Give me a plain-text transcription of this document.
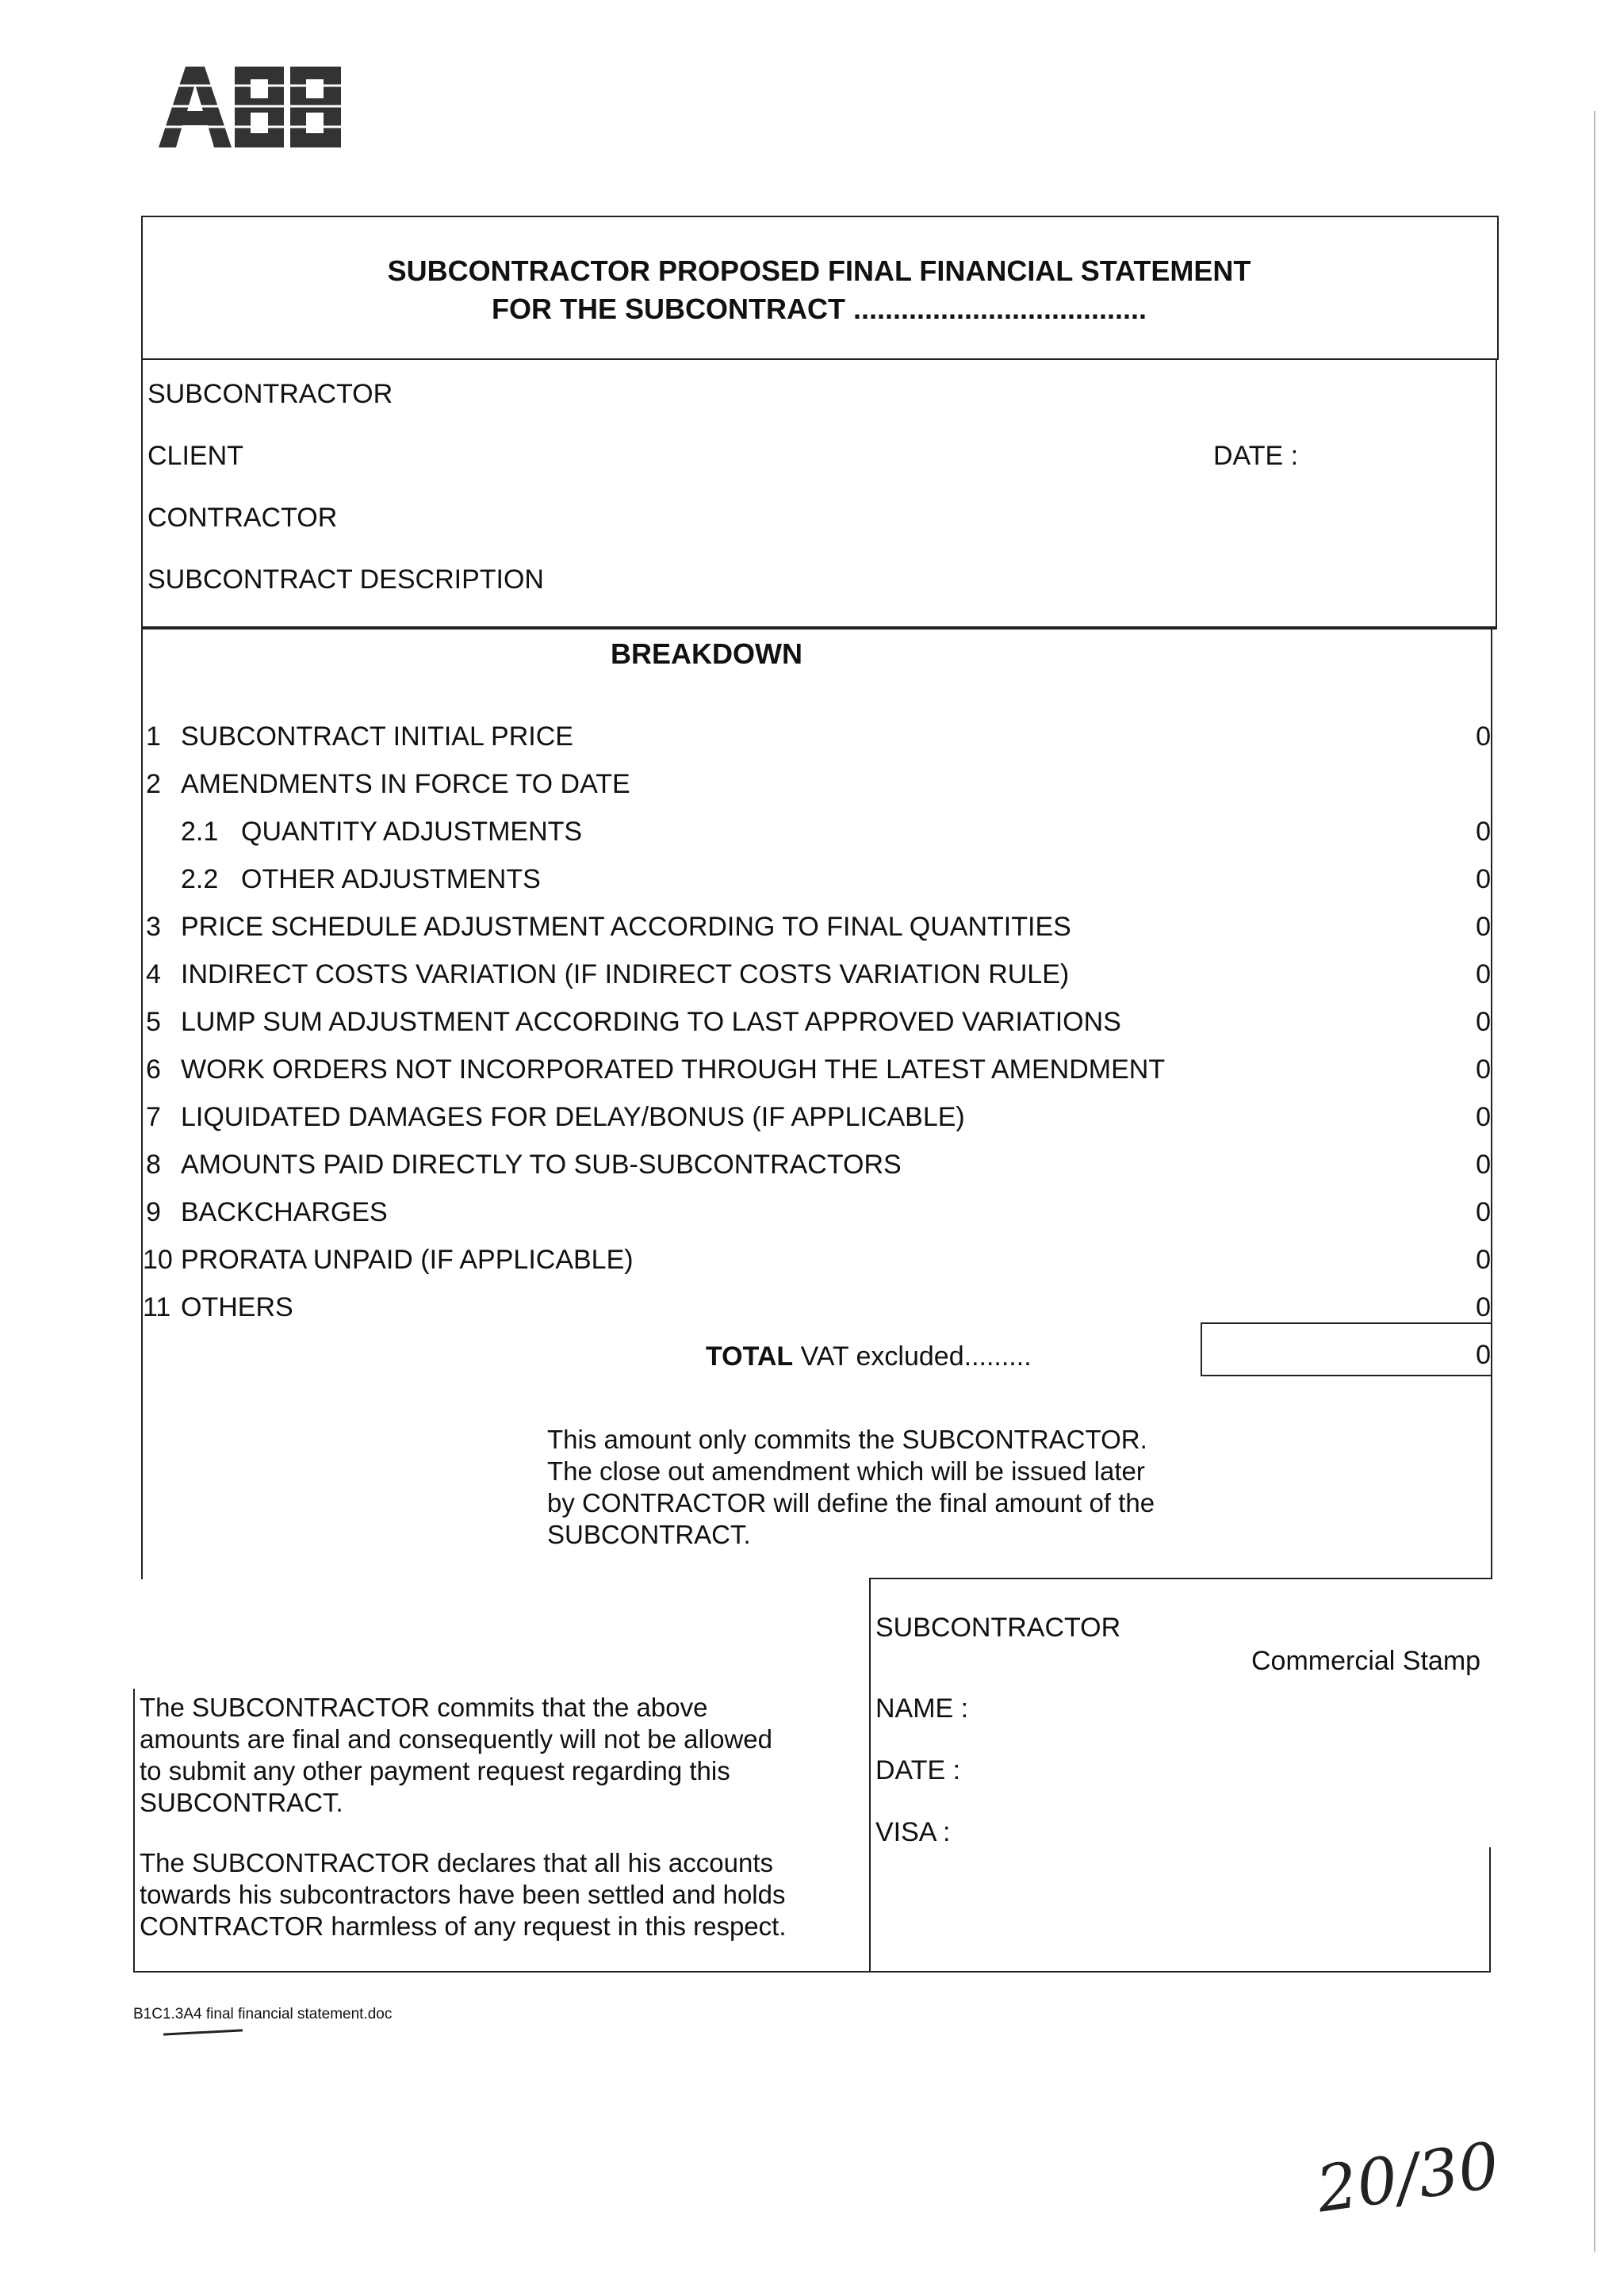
SUBCONTRACTOR PROPOSED FINAL FINANCIAL STATEMENT
FOR THE SUBCONTRACT .....................................
SUBCONTRACTOR
CLIENT	DATE :
CONTRACTOR
SUBCONTRACT DESCRIPTION
BREAKDOWN
1 SUBCONTRACT INITIAL PRICE	0
2 AMENDMENTS IN FORCE TO DATE
2.1 QUANTITY ADJUSTMENTS	0
2.2 OTHER ADJUSTMENTS	0
3 PRICE SCHEDULE ADJUSTMENT ACCORDING TO FINAL QUANTITIES	0
4 INDIRECT COSTS VARIATION (IF INDIRECT COSTS VARIATION RULE)	0
5 LUMP SUM ADJUSTMENT ACCORDING TO LAST APPROVED VARIATIONS	0
6 WORK ORDERS NOT INCORPORATED THROUGH THE LATEST AMENDMENT	0
7 LIQUIDATED DAMAGES FOR DELAY/BONUS (IF APPLICABLE)	0
8 AMOUNTS PAID DIRECTLY TO SUB-SUBCONTRACTORS	0
9 BACKCHARGES	0
10 PRORATA UNPAID (IF APPLICABLE)	0
11 OTHERS	0
TOTAL VAT excluded.........	0
This amount only commits the SUBCONTRACTOR.
The close out amendment which will be issued later
by CONTRACTOR will define the final amount of the
SUBCONTRACT.
The SUBCONTRACTOR commits that the above
amounts are final and consequently will not be allowed
to submit any other payment request regarding this
SUBCONTRACT.
The SUBCONTRACTOR declares that all his accounts
towards his subcontractors have been settled and holds
CONTRACTOR harmless of any request in this respect.
SUBCONTRACTOR
Commercial Stamp
NAME :
DATE :
VISA :
B1C1.3A4 final financial statement.doc
20/30
